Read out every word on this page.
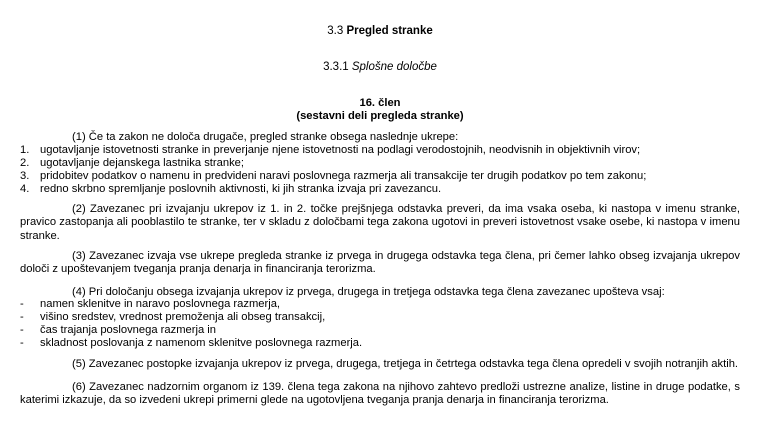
3.3 Pregled stranke
3.3.1 Splošne določbe
16. člen
(sestavni deli pregleda stranke)
(1) Če ta zakon ne določa drugače, pregled stranke obsega naslednje ukrepe:
1. ugotavljanje istovetnosti stranke in preverjanje njene istovetnosti na podlagi verodostojnih, neodvisnih in objektivnih virov;
2. ugotavljanje dejanskega lastnika stranke;
3. pridobitev podatkov o namenu in predvideni naravi poslovnega razmerja ali transakcije ter drugih podatkov po tem zakonu;
4. redno skrbno spremljanje poslovnih aktivnosti, ki jih stranka izvaja pri zavezancu.
(2) Zavezanec pri izvajanju ukrepov iz 1. in 2. točke prejšnjega odstavka preveri, da ima vsaka oseba, ki nastopa v imenu stranke, pravico zastopanja ali pooblastilo te stranke, ter v skladu z določbami tega zakona ugotovi in preveri istovetnost vsake osebe, ki nastopa v imenu stranke.
(3) Zavezanec izvaja vse ukrepe pregleda stranke iz prvega in drugega odstavka tega člena, pri čemer lahko obseg izvajanja ukrepov določi z upoštevanjem tveganja pranja denarja in financiranja terorizma.
(4) Pri določanju obsega izvajanja ukrepov iz prvega, drugega in tretjega odstavka tega člena zavezanec upošteva vsaj:
- namen sklenitve in naravo poslovnega razmerja,
- višino sredstev, vrednost premoženja ali obseg transakcij,
- čas trajanja poslovnega razmerja in
- skladnost poslovanja z namenom sklenitve poslovnega razmerja.
(5) Zavezanec postopke izvajanja ukrepov iz prvega, drugega, tretjega in četrtega odstavka tega člena opredeli v svojih notranjih aktih.
(6) Zavezanec nadzornim organom iz 139. člena tega zakona na njihovo zahtevo predloži ustrezne analize, listine in druge podatke, s katerimi izkazuje, da so izvedeni ukrepi primerni glede na ugotovljena tveganja pranja denarja in financiranja terorizma.
